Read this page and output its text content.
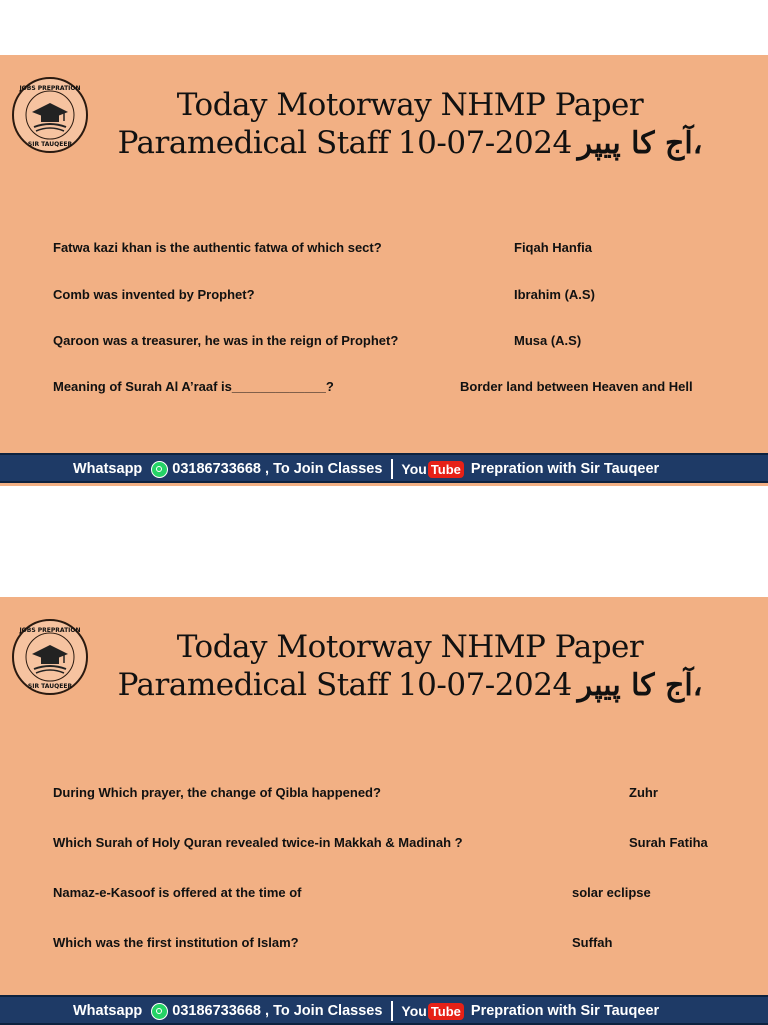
JOBS PREPRATION
SIR TAUQEER
Today Motorway NHMP Paper
Paramedical Staff 10-07-2024 آج کا پیپر،
Fatwa kazi khan is the authentic fatwa of which sect?	Fiqah Hanfia
Comb was invented by Prophet?	Ibrahim (A.S)
Qaroon was a treasurer, he was in the reign of Prophet?	Musa (A.S)
Meaning of Surah Al A’raaf is_____________?	Border land between Heaven and Hell
Whatsapp 03186733668 , To Join Classes You Tube Prepration with Sir Tauqeer
JOBS PREPRATION
SIR TAUQEER
Today Motorway NHMP Paper
Paramedical Staff 10-07-2024 آج کا پیپر،
During Which prayer, the change of Qibla happened?	Zuhr
Which Surah of Holy Quran revealed twice-in Makkah & Madinah ?	Surah Fatiha
Namaz-e-Kasoof is offered at the time of	solar eclipse
Which was the first institution of Islam?	Suffah
Whatsapp 03186733668 , To Join Classes You Tube Prepration with Sir Tauqeer
